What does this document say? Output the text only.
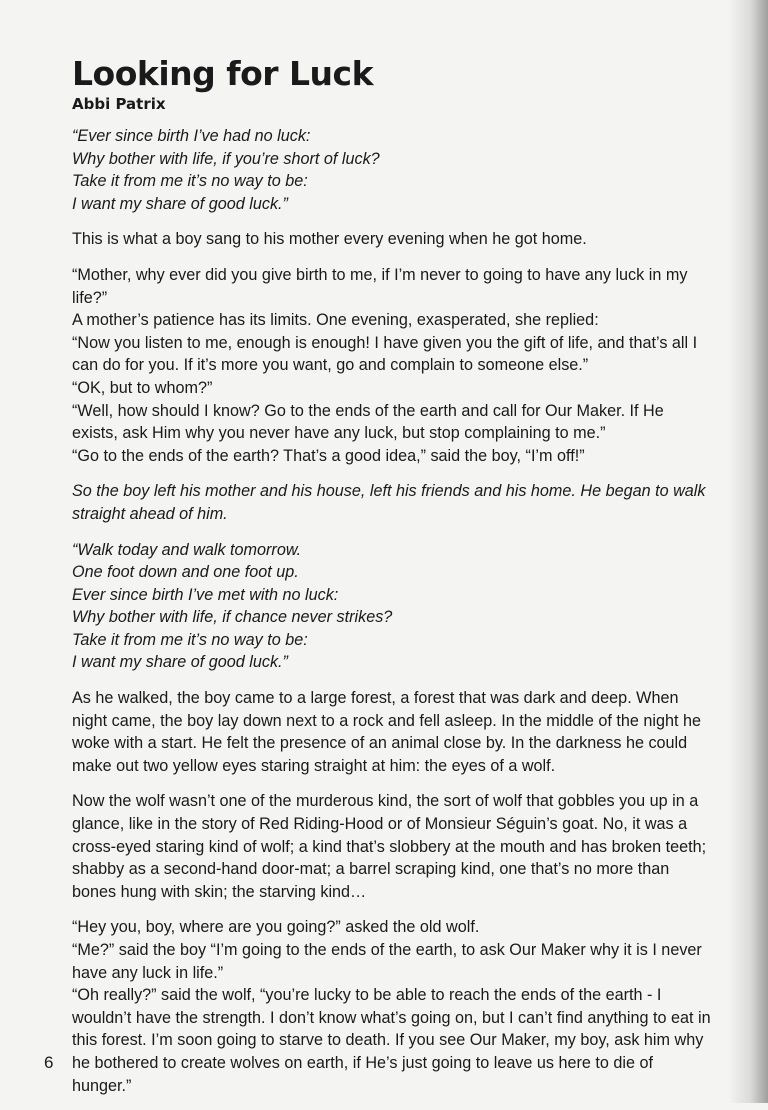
Looking for Luck
Abbi Patrix

“Ever since birth I’ve had no luck:
Why bother with life, if you’re short of luck?
Take it from me it’s no way to be:
I want my share of good luck.”

This is what a boy sang to his mother every evening when he got home.

“Mother, why ever did you give birth to me, if I’m never to going to have any luck in my life?”
A mother’s patience has its limits. One evening, exasperated, she replied:
“Now you listen to me, enough is enough! I have given you the gift of life, and that’s all I can do for you. If it’s more you want, go and complain to someone else.”
“OK, but to whom?”
“Well, how should I know? Go to the ends of the earth and call for Our Maker. If He exists, ask Him why you never have any luck, but stop complaining to me.”
“Go to the ends of the earth? That’s a good idea,” said the boy, “I’m off!”

So the boy left his mother and his house, left his friends and his home. He began to walk straight ahead of him.

“Walk today and walk tomorrow.
One foot down and one foot up.
Ever since birth I’ve met with no luck:
Why bother with life, if chance never strikes?
Take it from me it’s no way to be:
I want my share of good luck.”

As he walked, the boy came to a large forest, a forest that was dark and deep. When night came, the boy lay down next to a rock and fell asleep. In the middle of the night he woke with a start. He felt the presence of an animal close by. In the darkness he could make out two yellow eyes staring straight at him: the eyes of a wolf.

Now the wolf wasn’t one of the murderous kind, the sort of wolf that gobbles you up in a glance, like in the story of Red Riding-Hood or of Monsieur Séguin’s goat. No, it was a cross-eyed staring kind of wolf; a kind that’s slobbery at the mouth and has broken teeth; shabby as a second-hand door-mat; a barrel scraping kind, one that’s no more than bones hung with skin; the starving kind…

“Hey you, boy, where are you going?” asked the old wolf.
“Me?” said the boy “I’m going to the ends of the earth, to ask Our Maker why it is I never have any luck in life.”
“Oh really?” said the wolf, “you’re lucky to be able to reach the ends of the earth - I wouldn’t have the strength. I don’t know what’s going on, but I can’t find anything to eat in this forest. I’m soon going to starve to death. If you see Our Maker, my boy, ask him why he bothered to create wolves on earth, if He’s just going to leave us here to die of hunger.”

6
